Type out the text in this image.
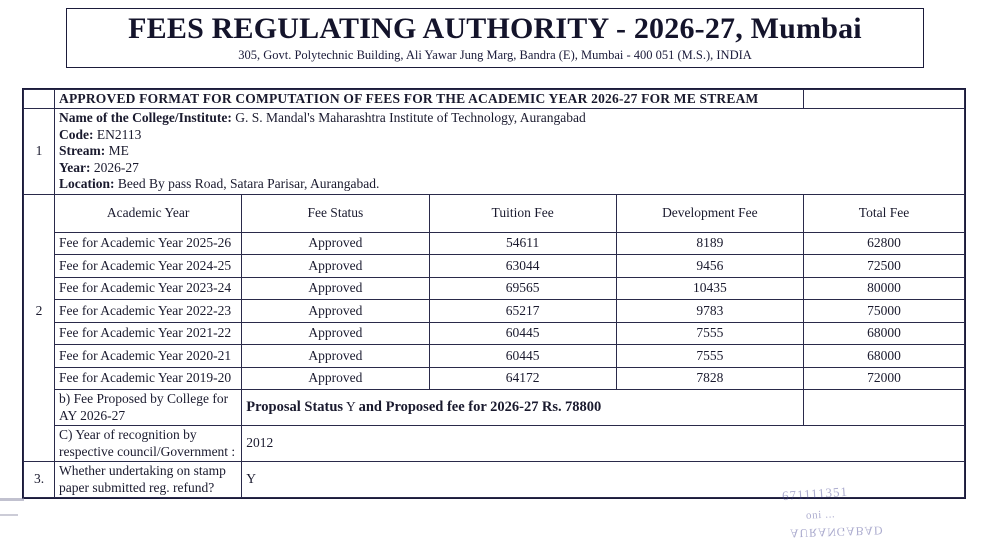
FEES REGULATING AUTHORITY - 2026-27, Mumbai
305, Govt. Polytechnic Building, Ali Yawar Jung Marg, Bandra (E), Mumbai - 400 051 (M.S.), INDIA
	APPROVED FORMAT FOR COMPUTATION OF FEES FOR THE ACADEMIC YEAR 2026-27 FOR ME STREAM				
1	Name of the College/Institute: G. S. Mandal's Maharashtra Institute of Technology, Aurangabad
Code: EN2113
Stream: ME
Year: 2026-27
Location: Beed By pass Road, Satara Parisar, Aurangabad.				

	Academic Year	Fee Status	Tuition Fee	Development Fee	Total Fee
	Fee for Academic Year 2025-26	Approved	54611	8189	62800
	Fee for Academic Year 2024-25	Approved	63044	9456	72500
	Fee for Academic Year 2023-24	Approved	69565	10435	80000
2	Fee for Academic Year 2022-23	Approved	65217	9783	75000
	Fee for Academic Year 2021-22	Approved	60445	7555	68000
	Fee for Academic Year 2020-21	Approved	60445	7555	68000
	Fee for Academic Year 2019-20	Approved	64172	7828	72000
	b) Fee Proposed by College for AY 2026-27	Proposal Status Y and Proposed fee for 2026-27 Rs. 78800			
	C) Year of recognition by respective council/Government :	2012			
3.	Whether undertaking on stamp paper submitted reg. refund?	Y			
671111351
oni ...
AURANGABAD
